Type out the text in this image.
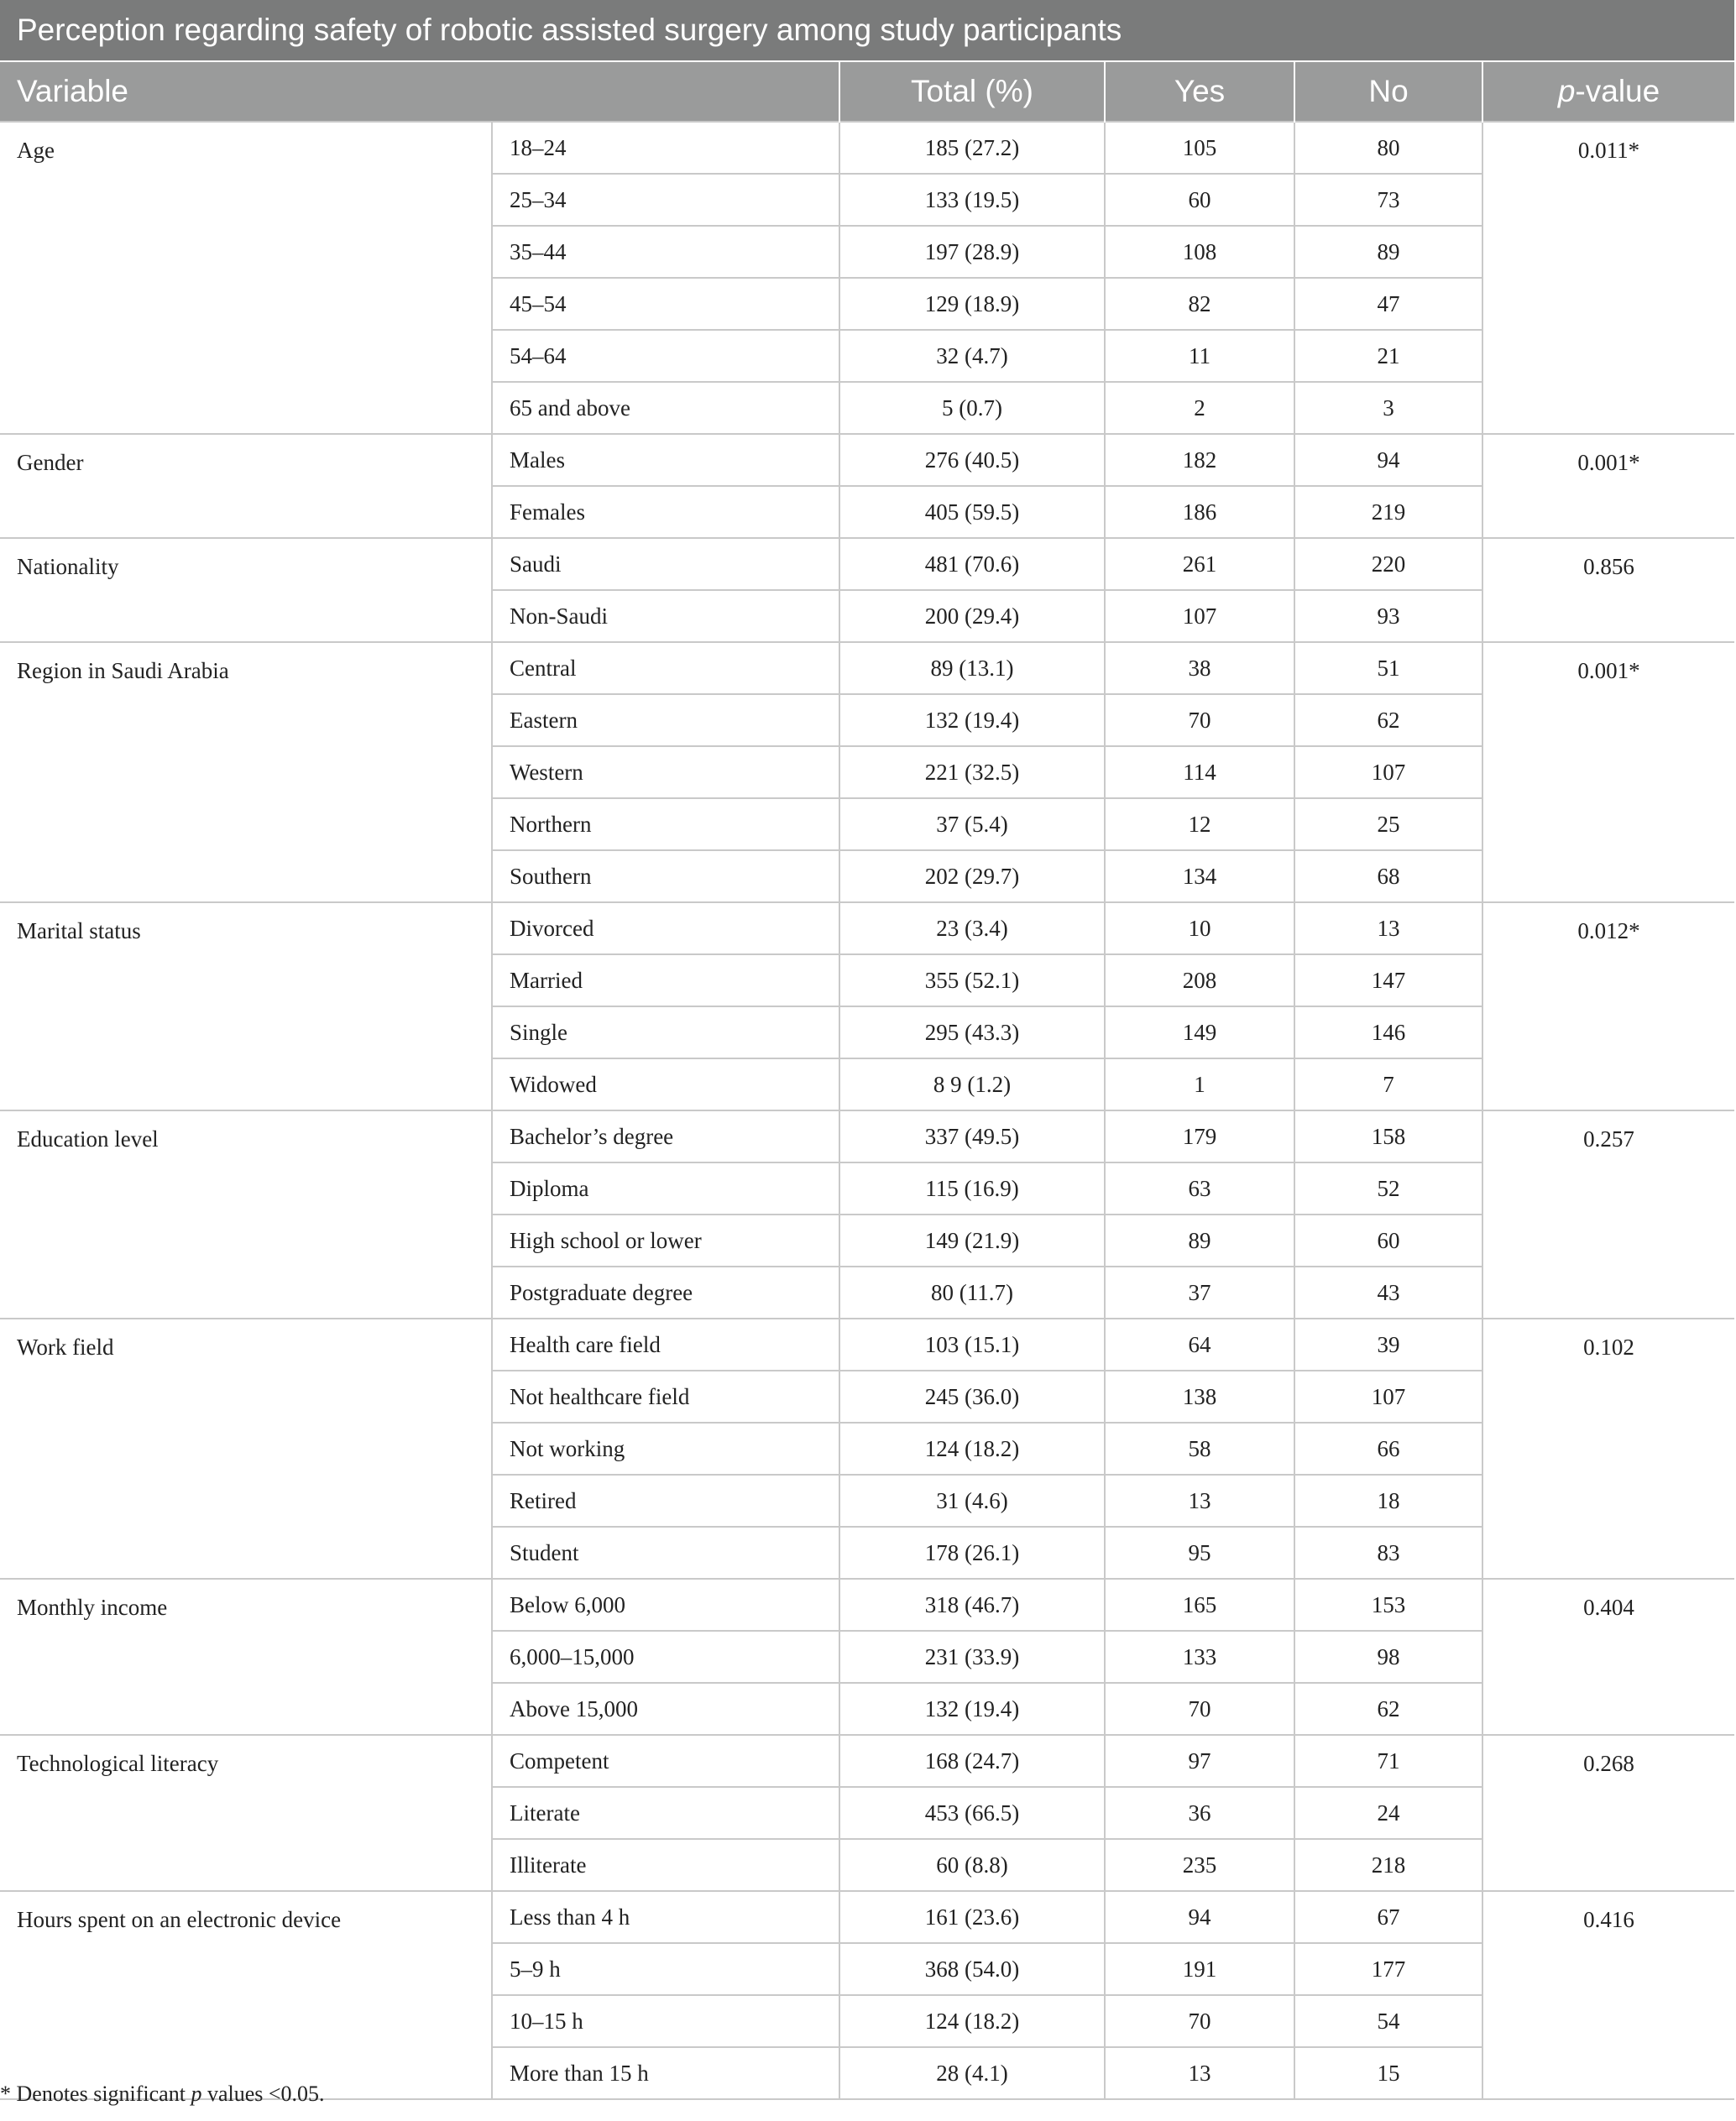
Perception regarding safety of robotic assisted surgery among study participants					
Variable		Total (%)	Yes	No	p-value
Age	18–24	185 (27.2)	105	80	0.011*
	25–34	133 (19.5)	60	73	
	35–44	197 (28.9)	108	89	
	45–54	129 (18.9)	82	47	
	54–64	32 (4.7)	11	21	
	65 and above	5 (0.7)	2	3	
Gender	Males	276 (40.5)	182	94	0.001*
	Females	405 (59.5)	186	219	
Nationality	Saudi	481 (70.6)	261	220	0.856
	Non-Saudi	200 (29.4)	107	93	
Region in Saudi Arabia	Central	89 (13.1)	38	51	0.001*
	Eastern	132 (19.4)	70	62	
	Western	221 (32.5)	114	107	
	Northern	37 (5.4)	12	25	
	Southern	202 (29.7)	134	68	
Marital status	Divorced	23 (3.4)	10	13	0.012*
	Married	355 (52.1)	208	147	
	Single	295 (43.3)	149	146	
	Widowed	8 9 (1.2)	1	7	
Education level	Bachelor’s degree	337 (49.5)	179	158	0.257
	Diploma	115 (16.9)	63	52	
	High school or lower	149 (21.9)	89	60	
	Postgraduate degree	80 (11.7)	37	43	
Work field	Health care field	103 (15.1)	64	39	0.102
	Not healthcare field	245 (36.0)	138	107	
	Not working	124 (18.2)	58	66	
	Retired	31 (4.6)	13	18	
	Student	178 (26.1)	95	83	
Monthly income	Below 6,000	318 (46.7)	165	153	0.404
	6,000–15,000	231 (33.9)	133	98	
	Above 15,000	132 (19.4)	70	62	
Technological literacy	Competent	168 (24.7)	97	71	0.268
	Literate	453 (66.5)	36	24	
	Illiterate	60 (8.8)	235	218	
Hours spent on an electronic device	Less than 4 h	161 (23.6)	94	67	0.416
	5–9 h	368 (54.0)	191	177	
	10–15 h	124 (18.2)	70	54	
	More than 15 h	28 (4.1)	13	15	
* Denotes significant p values <0.05.
